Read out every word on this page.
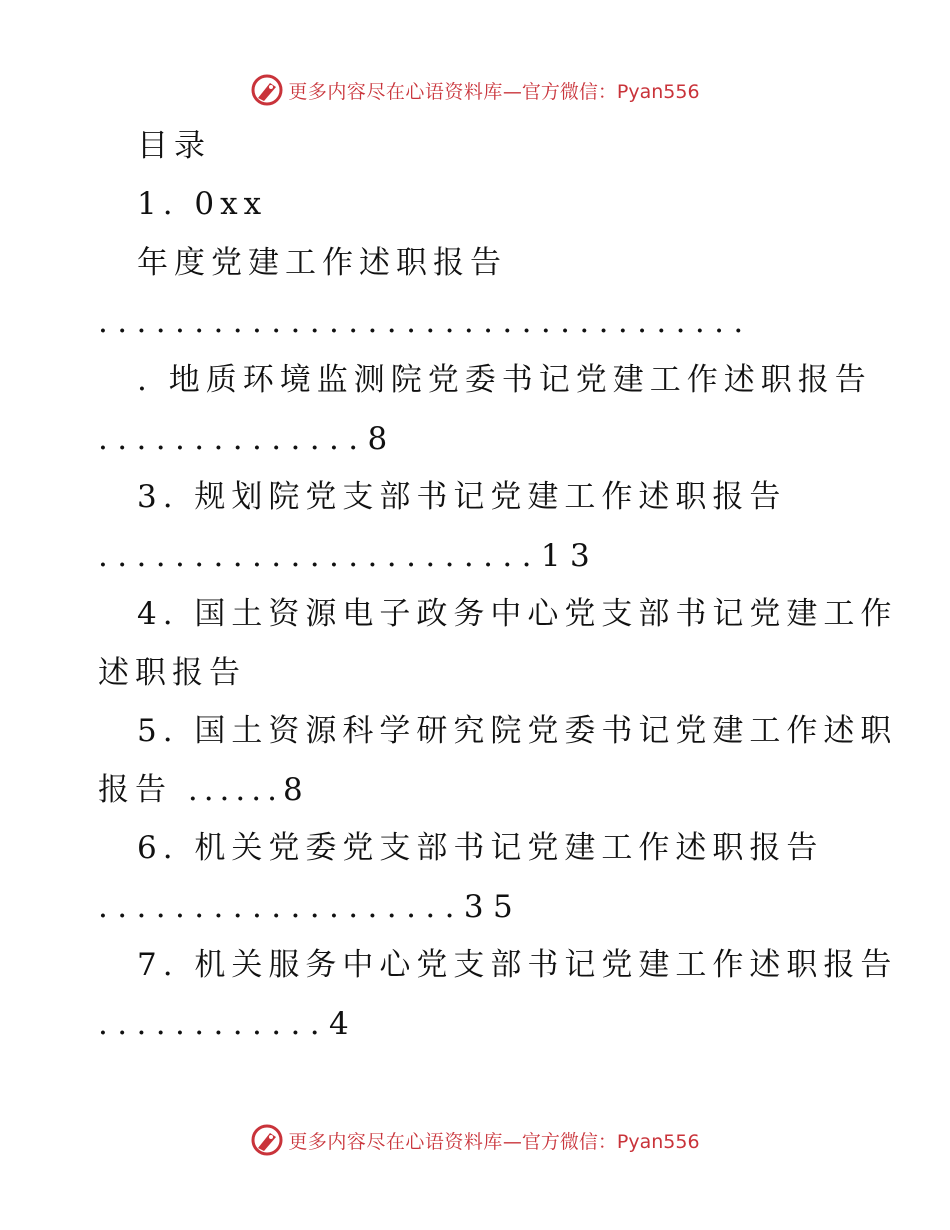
更多内容尽在心语资料库—官方微信：Pyan556
目录
1. 0xx
年度党建工作述职报告
..................................
. 地质环境监测院党委书记党建工作述职报告
..............8
3. 规划院党支部书记党建工作述职报告
.......................13
4. 国土资源电子政务中心党支部书记党建工作
述职报告
5. 国土资源科学研究院党委书记党建工作述职
报告 ......8
6. 机关党委党支部书记党建工作述职报告
...................35
7. 机关服务中心党支部书记党建工作述职报告
............4
更多内容尽在心语资料库—官方微信：Pyan556
